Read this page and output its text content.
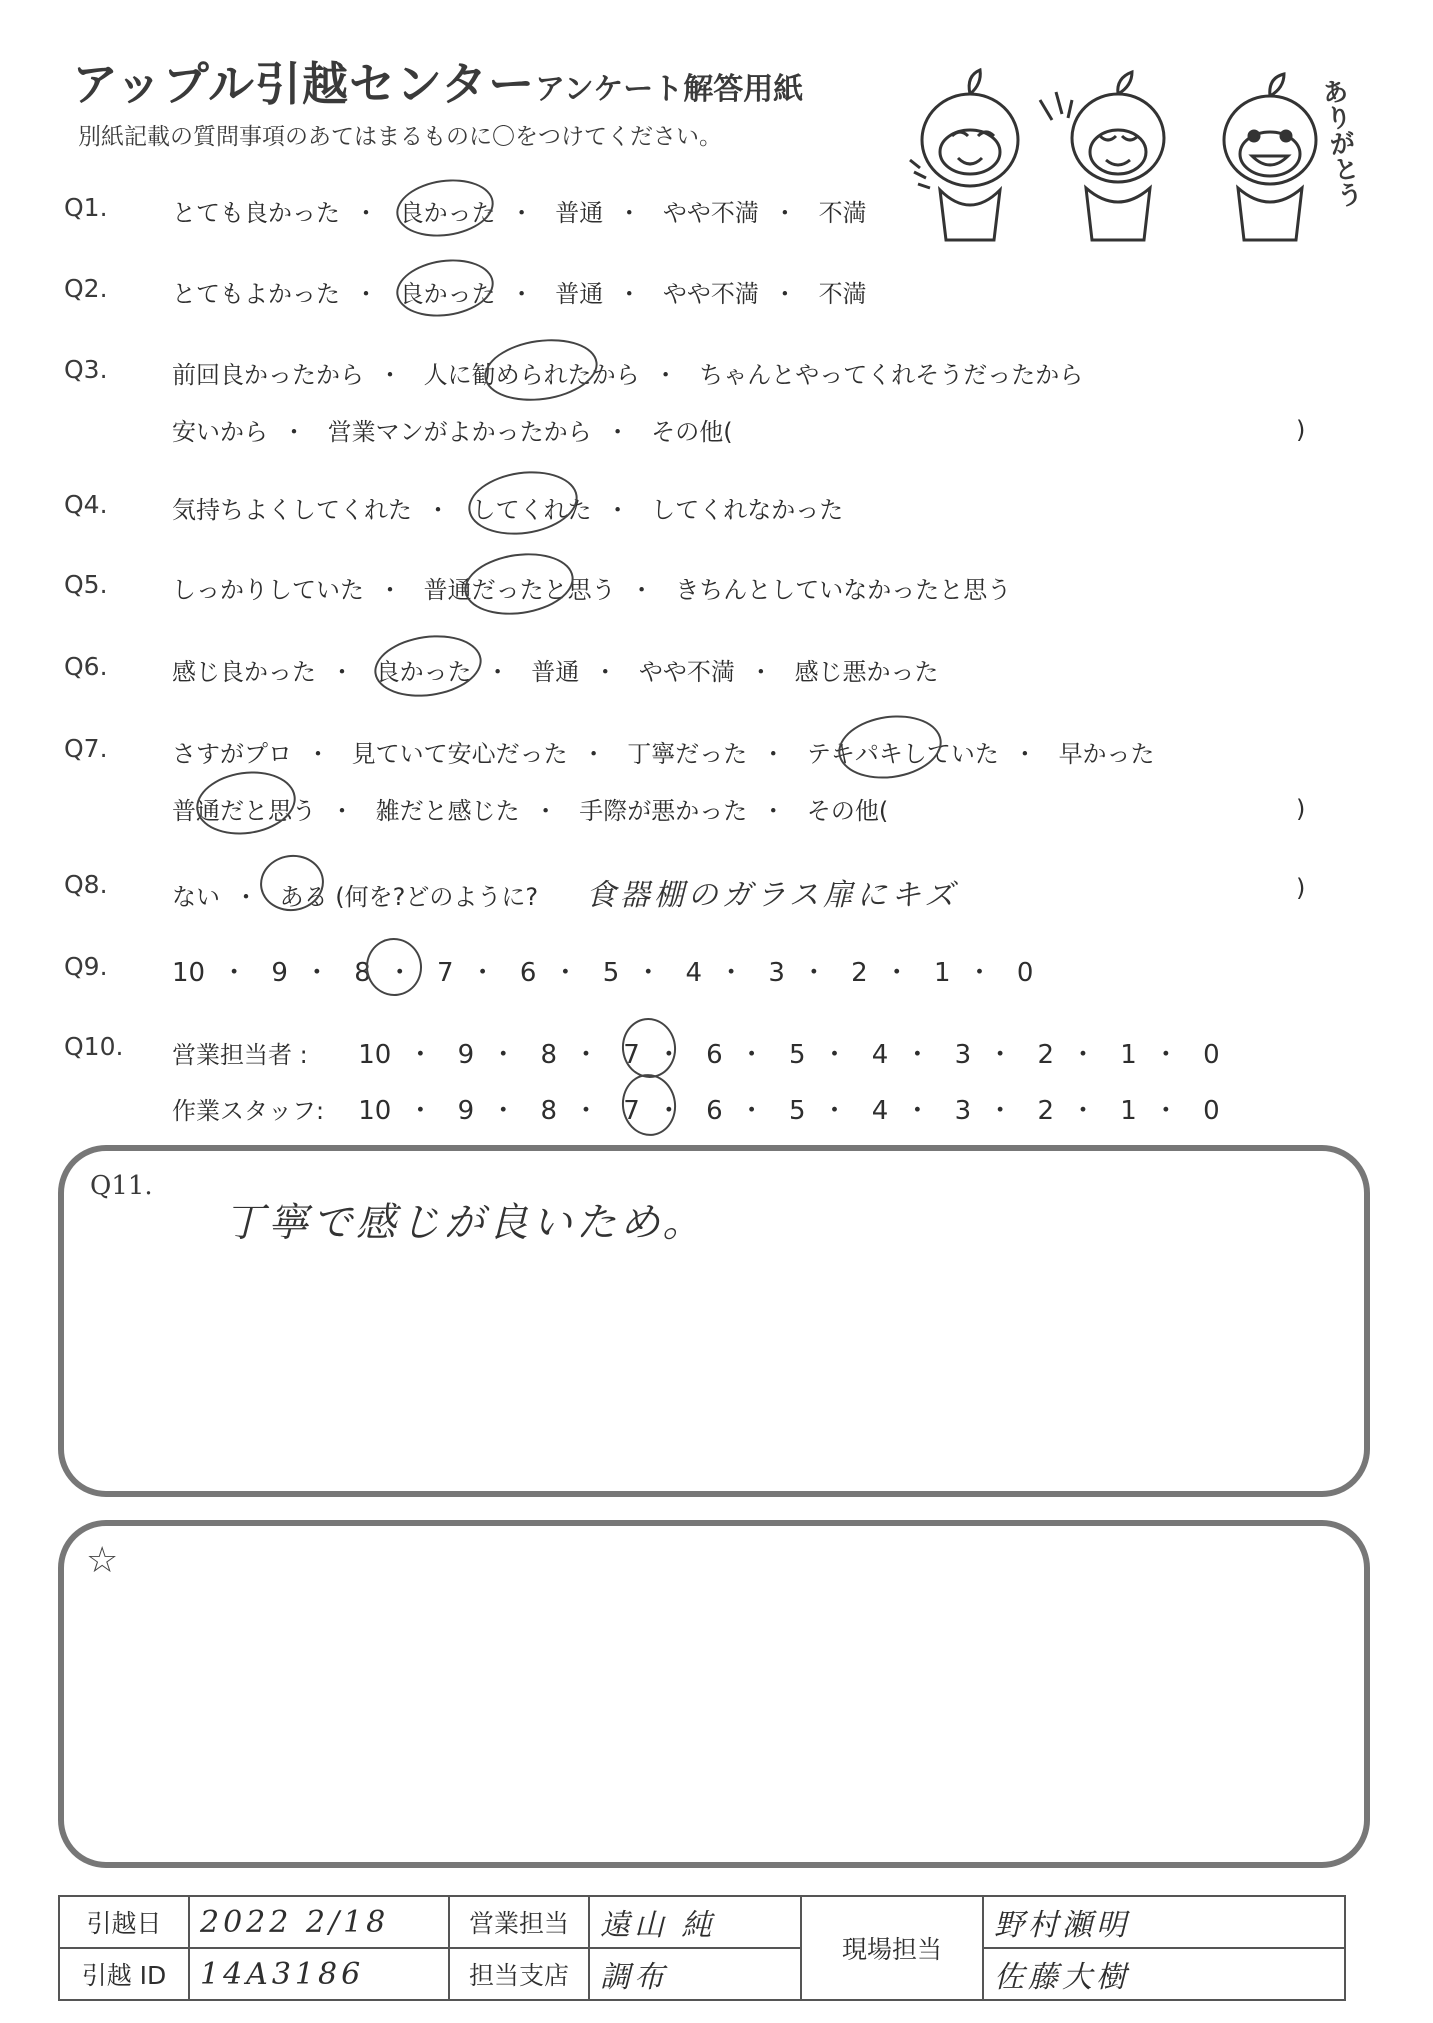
アップル引越センター アンケート解答用紙
別紙記載の質問事項のあてはまるものに〇をつけてください。	ありがとう
Q1.	とても良かった ・ 良かった ・ 普通 ・ やや不満 ・ 不満
Q2.	とてもよかった ・ 良かった ・ 普通 ・ やや不満 ・ 不満
Q3.	前回良かったから ・ 人に勧められたから ・ ちゃんとやってくれそうだったから
安いから ・ 営業マンがよかったから ・ その他(	)
Q4.	気持ちよくしてくれた ・ してくれた ・ してくれなかった
Q5.	しっかりしていた ・ 普通だったと思う ・ きちんとしていなかったと思う
Q6.	感じ良かった ・ 良かった ・ 普通 ・ やや不満 ・ 感じ悪かった
Q7.	さすがプロ ・ 見ていて安心だった ・ 丁寧だった ・ テキパキしていた ・ 早かった
普通だと思う ・ 雑だと感じた ・ 手際が悪かった ・ その他(	)
Q8.	ない ・ ある (何を?どのように? 食器棚のガラス扉にキズ	)
Q9. 10 ・ 9 ・ 8 ・ 7 ・ 6 ・ 5 ・ 4 ・ 3 ・ 2 ・ 1 ・ 0
Q10. 営業担当者 : 10 ・ 9 ・ 8 ・ 7 ・ 6 ・ 5 ・ 4 ・ 3 ・ 2 ・ 1 ・ 0
作業スタッフ: 10 ・ 9 ・ 8 ・ 7 ・ 6 ・ 5 ・ 4 ・ 3 ・ 2 ・ 1 ・ 0
Q11.
丁寧で感じが良いため。
☆
引越日	2022 2/18	営業担当	遠山 純	現場担当	野村瀬明
引越 ID	14A3186	担当支店	調布		佐藤大樹
